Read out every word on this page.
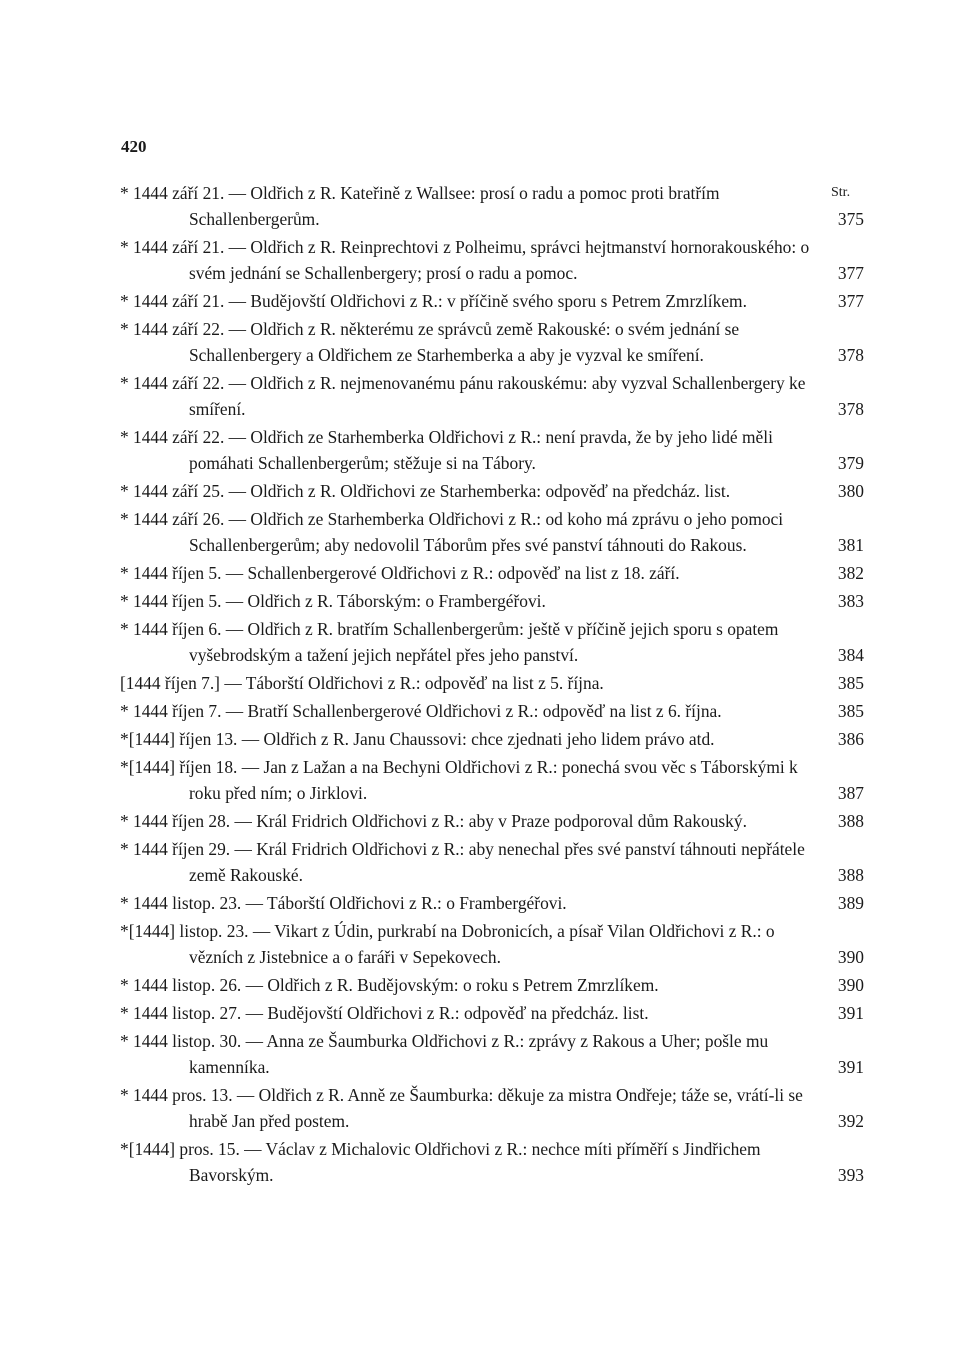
420
Str.
* 1444 září 21. — Oldřich z R. Kateřině z Wallsee: prosí o radu a pomoc proti bratřím Schallenbergerům.	375
* 1444 září 21. — Oldřich z R. Reinprechtovi z Polheimu, správci hejtmanství hornorakouského: o svém jednání se Schallenbergery; prosí o radu a pomoc.	377
* 1444 září 21. — Budějovští Oldřichovi z R.: v příčině svého sporu s Petrem Zmrzlíkem.	377
* 1444 září 22. — Oldřich z R. některému ze správců země Rakouské: o svém jednání se Schallenbergery a Oldřichem ze Starhemberka a aby je vyzval ke smíření.	378
* 1444 září 22. — Oldřich z R. nejmenovanému pánu rakouskému: aby vyzval Schallenbergery ke smíření.	378
* 1444 září 22. — Oldřich ze Starhemberka Oldřichovi z R.: není pravda, že by jeho lidé měli pomáhati Schallenbergerům; stěžuje si na Tábory.	379
* 1444 září 25. — Oldřich z R. Oldřichovi ze Starhemberka: odpověď na předcház. list.	380
* 1444 září 26. — Oldřich ze Starhemberka Oldřichovi z R.: od koho má zprávu o jeho pomoci Schallenbergerům; aby nedovolil Táborům přes své panství táhnouti do Rakous.	381
* 1444 říjen 5. — Schallenbergerové Oldřichovi z R.: odpověď na list z 18. září.	382
* 1444 říjen 5. — Oldřich z R. Táborským: o Frambergéřovi.	383
* 1444 říjen 6. — Oldřich z R. bratřím Schallenbergerům: ještě v příčině jejich sporu s opatem vyšebrodským a tažení jejich nepřátel přes jeho panství.	384
[1444 říjen 7.] — Táborští Oldřichovi z R.: odpověď na list z 5. října.	385
* 1444 říjen 7. — Bratří Schallenbergerové Oldřichovi z R.: odpověď na list z 6. října.	385
*[1444] říjen 13. — Oldřich z R. Janu Chaussovi: chce zjednati jeho lidem právo atd.	386
*[1444] říjen 18. — Jan z Lažan a na Bechyni Oldřichovi z R.: ponechá svou věc s Táborskými k roku před ním; o Jirklovi.	387
* 1444 říjen 28. — Král Fridrich Oldřichovi z R.: aby v Praze podporoval dům Rakouský.	388
* 1444 říjen 29. — Král Fridrich Oldřichovi z R.: aby nenechal přes své panství táhnouti nepřátele země Rakouské.	388
* 1444 listop. 23. — Táborští Oldřichovi z R.: o Frambergéřovi.	389
*[1444] listop. 23. — Vikart z Údin, purkrabí na Dobronicích, a písař Vilan Oldřichovi z R.: o vězních z Jistebnice a o faráři v Sepekovech.	390
* 1444 listop. 26. — Oldřich z R. Budějovským: o roku s Petrem Zmrzlíkem.	390
* 1444 listop. 27. — Budějovští Oldřichovi z R.: odpověď na předcház. list.	391
* 1444 listop. 30. — Anna ze Šaumburka Oldřichovi z R.: zprávy z Rakous a Uher; pošle mu kamenníka.	391
* 1444 pros. 13. — Oldřich z R. Anně ze Šaumburka: děkuje za mistra Ondřeje; táže se, vrátí-li se hrabě Jan před postem.	392
*[1444] pros. 15. — Václav z Michalovic Oldřichovi z R.: nechce míti příměří s Jindřichem Bavorským.	393
